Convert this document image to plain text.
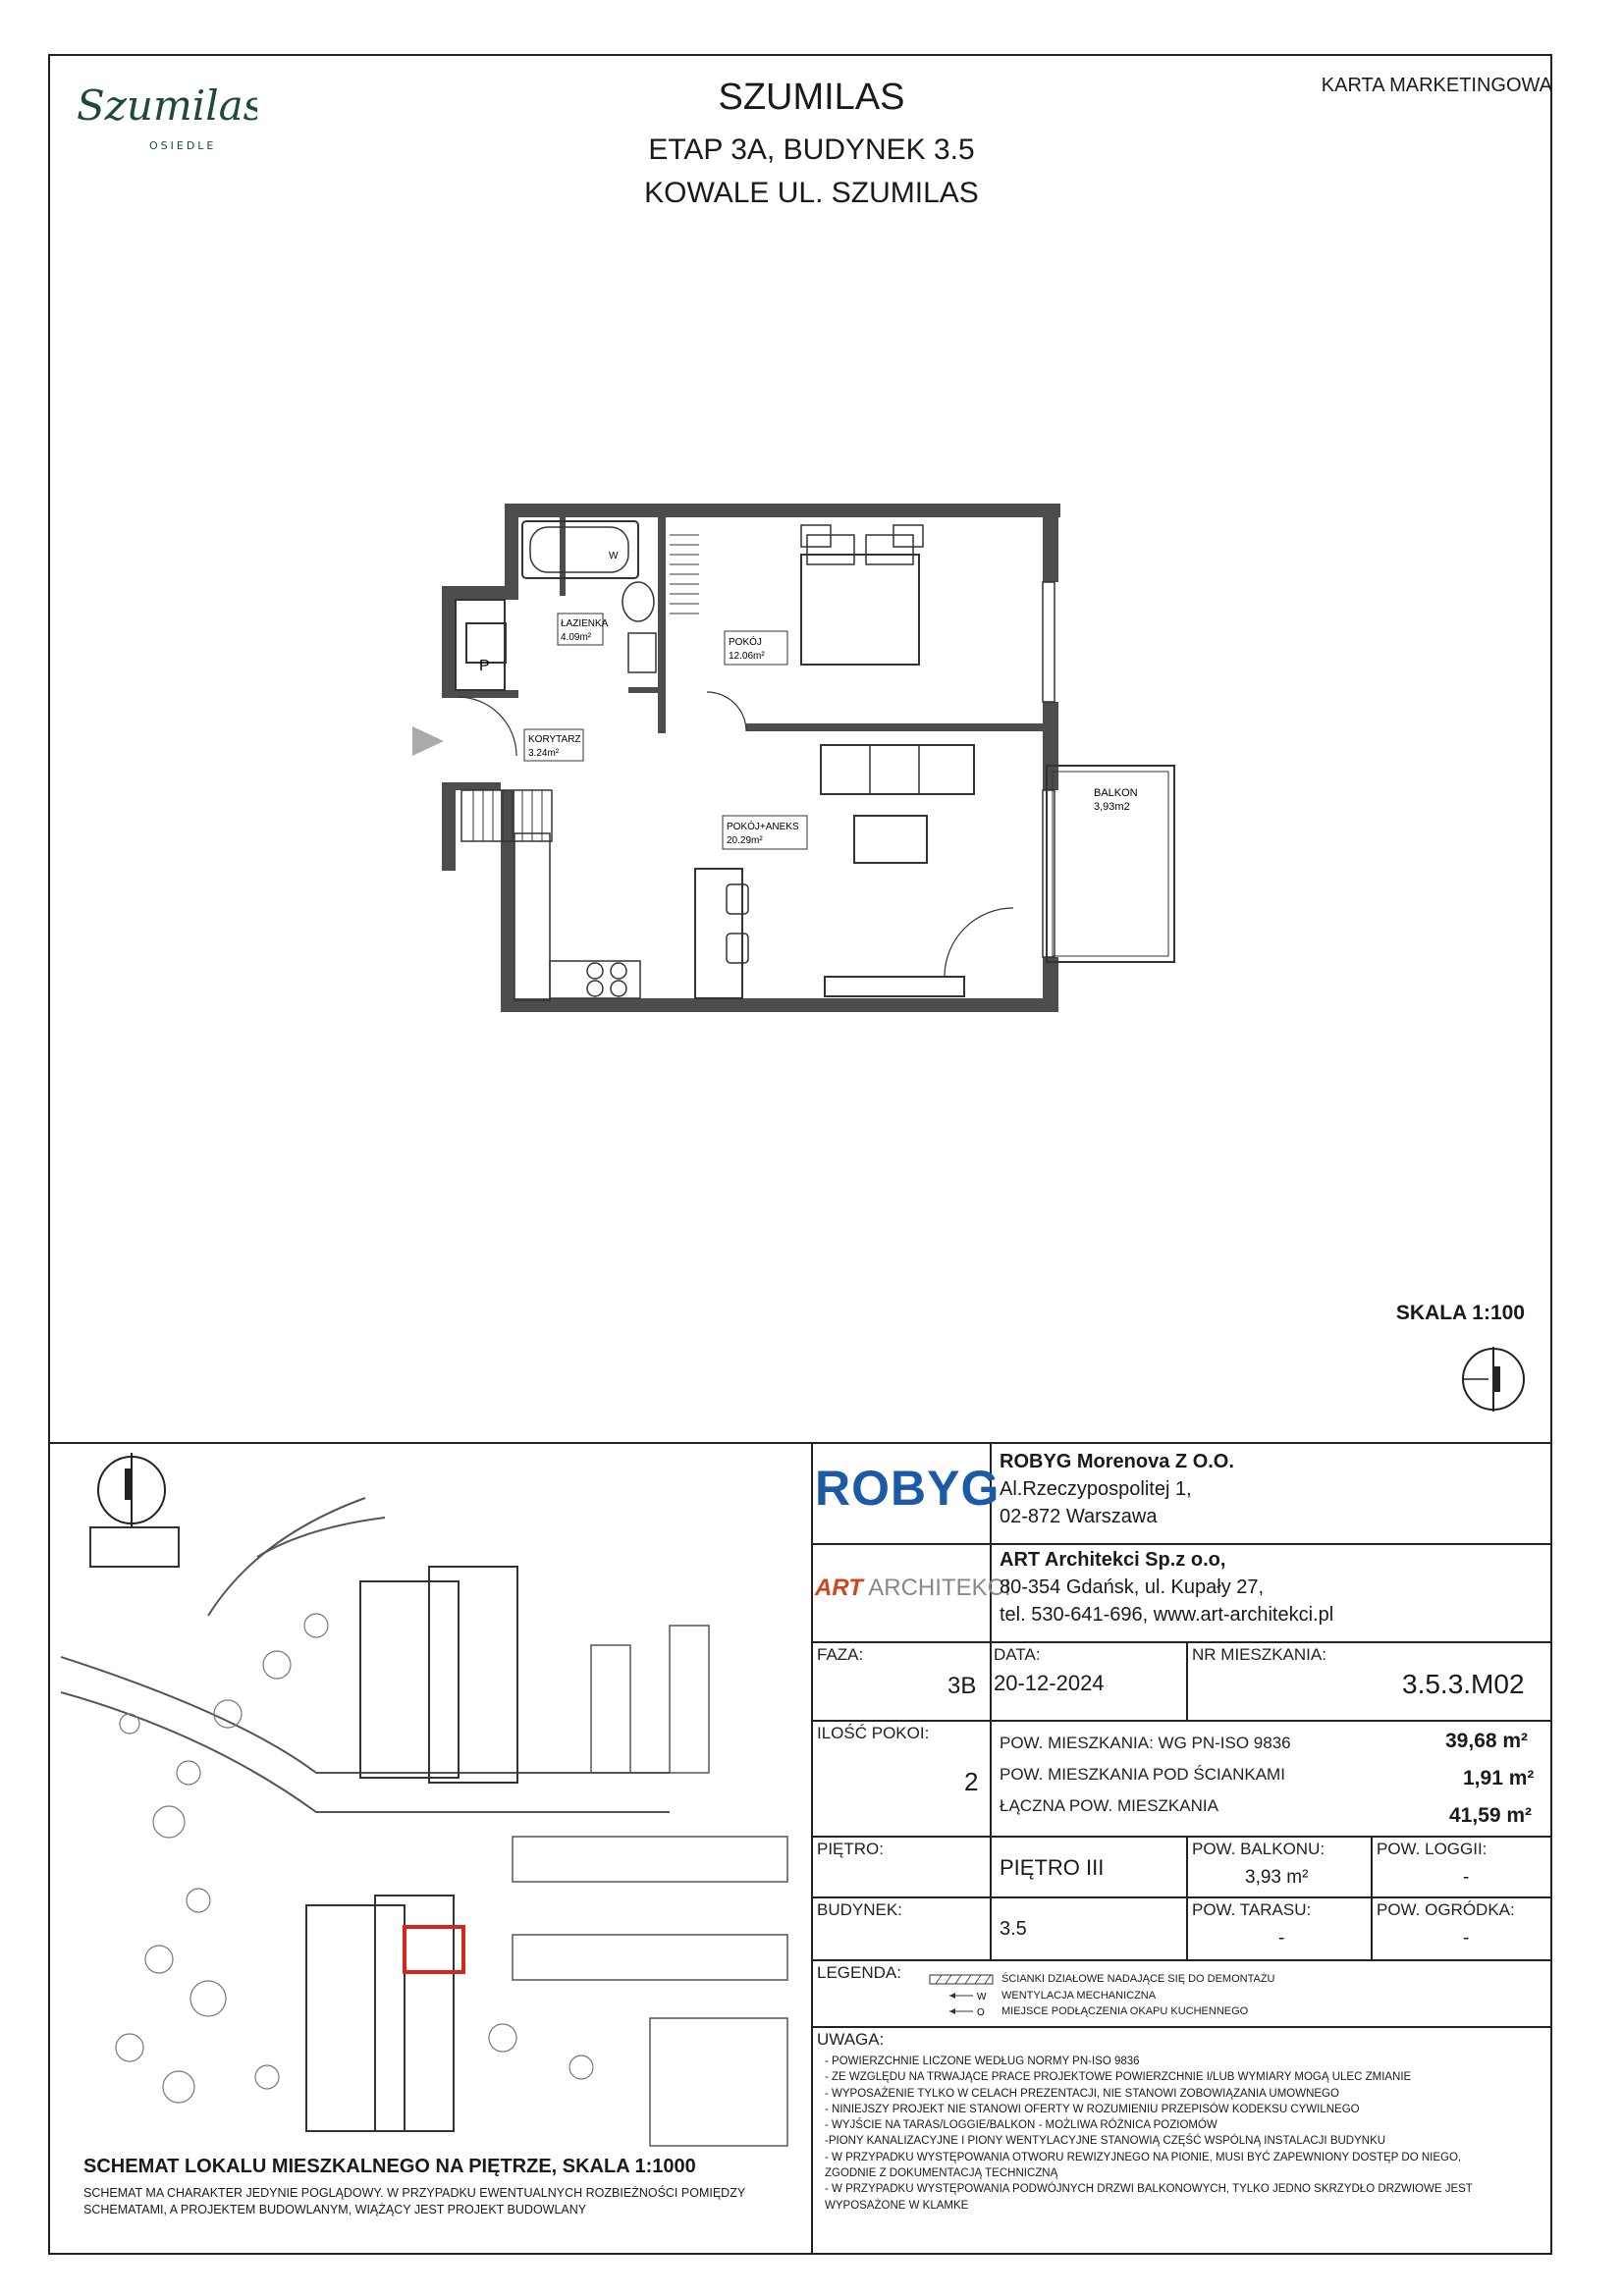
Szumilas
OSIEDLE
SZUMILAS
ETAP 3A, BUDYNEK 3.5
KOWALE UL. SZUMILAS
KARTA MARKETINGOWA
P
W
ŁAZIENKA
4.09m²	POKÓJ
12.06m²
KORYTARZ
3.24m²
POKÓJ+ANEKS
20.29m²
BALKON
3,93m2
SKALA 1:100
SCHEMAT LOKALU MIESZKALNEGO NA PIĘTRZE, SKALA 1:1000
SCHEMAT MA CHARAKTER JEDYNIE POGLĄDOWY. W PRZYPADKU EWENTUALNYCH ROZBIEŻNOŚCI POMIĘDZY
SCHEMATAMI, A PROJEKTEM BUDOWLANYM, WIĄŻĄCY JEST PROJEKT BUDOWLANY
ROBYG ROBYG Morenova Z O.O.
Al.Rzeczypospolitej 1,
02-872 Warszawa
ART ARCHITEKCI
ART Architekci Sp.z o.o,
80-354 Gdańsk, ul. Kupały 27,
tel. 530-641-696, www.art-architekci.pl
FAZA:
3B
DATA:
20-12-2024
NR MIESZKANIA:
3.5.3.M02
ILOŚĆ POKOI:
2
POW. MIESZKANIA: WG PN-ISO 9836	39,68 m²
POW. MIESZKANIA POD ŚCIANKAMI	1,91 m²
ŁĄCZNA POW. MIESZKANIA	41,59 m²
PIĘTRO:
PIĘTRO III
POW. BALKONU:
3,93 m²
POW. LOGGII:
-
BUDYNEK:
3.5
POW. TARASU:
-
POW. OGRÓDKA:
-
LEGENDA:
W
O
ŚCIANKI DZIAŁOWE NADAJĄCE SIĘ DO DEMONTAŻU
WENTYLACJA MECHANICZNA
MIEJSCE PODŁĄCZENIA OKAPU KUCHENNEGO
UWAGA:
- POWIERZCHNIE LICZONE WEDŁUG NORMY PN-ISO 9836
- ZE WZGLĘDU NA TRWAJĄCE PRACE PROJEKTOWE POWIERZCHNIE I/LUB WYMIARY MOGĄ ULEC ZMIANIE
- WYPOSAŻENIE TYLKO W CELACH PREZENTACJI, NIE STANOWI ZOBOWIĄZANIA UMOWNEGO
- NINIEJSZY PROJEKT NIE STANOWI OFERTY W ROZUMIENIU PRZEPISÓW KODEKSU CYWILNEGO
- WYJŚCIE NA TARAS/LOGGIE/BALKON - MOŻLIWA RÓŻNICA POZIOMÓW
-PIONY KANALIZACYJNE I PIONY WENTYLACYJNE STANOWIĄ CZĘŚĆ WSPÓLNĄ INSTALACJI BUDYNKU
- W PRZYPADKU WYSTĘPOWANIA OTWORU REWIZYJNEGO NA PIONIE, MUSI BYĆ ZAPEWNIONY DOSTĘP DO NIEGO,
ZGODNIE Z DOKUMENTACJĄ TECHNICZNĄ
- W PRZYPADKU WYSTĘPOWANIA PODWÓJNYCH DRZWI BALKONOWYCH, TYLKO JEDNO SKRZYDŁO DRZWIOWE JEST
WYPOSAŻONE W KLAMKE
